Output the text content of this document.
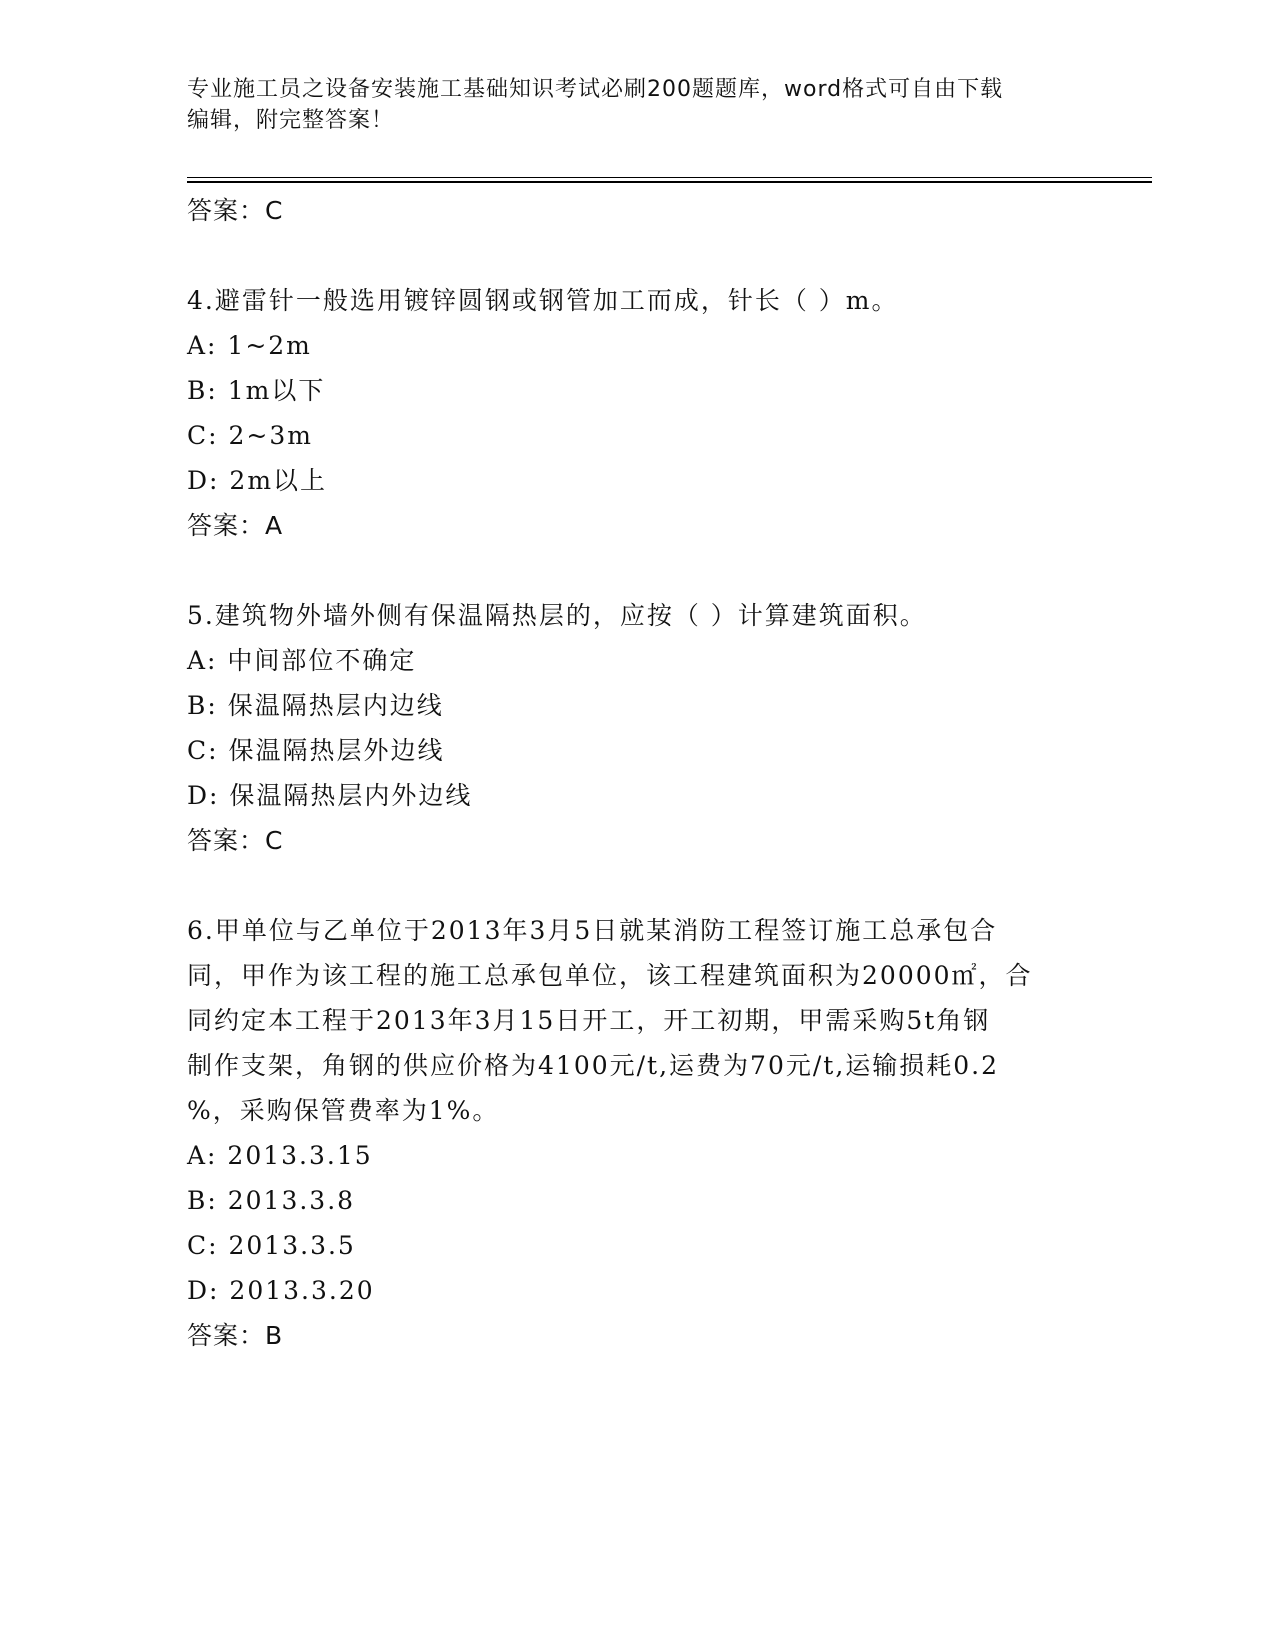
专业施工员之设备安装施工基础知识考试必刷200题题库，word格式可自由下载
编辑，附完整答案！
答案：C
4.避雷针一般选用镀锌圆钢或钢管加工而成，针长（ ）m。
A: 1~2m
B: 1m以下
C: 2~3m
D: 2m以上
答案：A
5.建筑物外墙外侧有保温隔热层的，应按（ ）计算建筑面积。
A: 中间部位不确定
B: 保温隔热层内边线
C: 保温隔热层外边线
D: 保温隔热层内外边线
答案：C
6.甲单位与乙单位于2013年3月5日就某消防工程签订施工总承包合
同，甲作为该工程的施工总承包单位，该工程建筑面积为20000㎡，合
同约定本工程于2013年3月15日开工，开工初期，甲需采购5t角钢
制作支架，角钢的供应价格为4100元/t,运费为70元/t,运输损耗0.2
%，采购保管费率为1%。
A: 2013.3.15
B: 2013.3.8
C: 2013.3.5
D: 2013.3.20
答案：B
